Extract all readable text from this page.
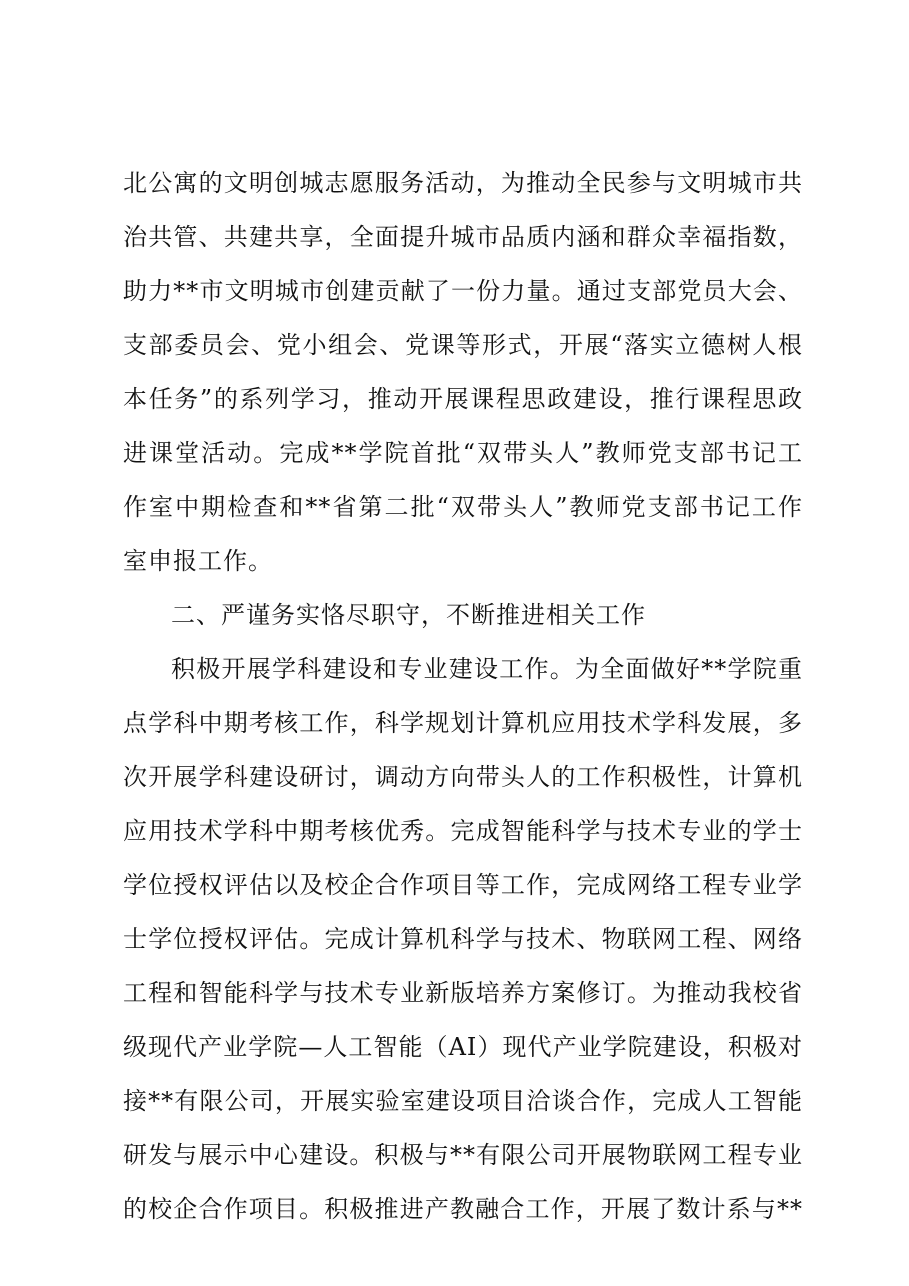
北公寓的文明创城志愿服务活动，为推动全民参与文明城市共
治共管、共建共享，全面提升城市品质内涵和群众幸福指数，
助力**市文明城市创建贡献了一份力量。通过支部党员大会、
支部委员会、党小组会、党课等形式，开展“落实立德树人根
本任务”的系列学习，推动开展课程思政建设，推行课程思政
进课堂活动。完成**学院首批“双带头人”教师党支部书记工
作室中期检查和**省第二批“双带头人”教师党支部书记工作
室申报工作。
二、严谨务实恪尽职守，不断推进相关工作
积极开展学科建设和专业建设工作。为全面做好**学院重
点学科中期考核工作，科学规划计算机应用技术学科发展，多
次开展学科建设研讨，调动方向带头人的工作积极性，计算机
应用技术学科中期考核优秀。完成智能科学与技术专业的学士
学位授权评估以及校企合作项目等工作，完成网络工程专业学
士学位授权评估。完成计算机科学与技术、物联网工程、网络
工程和智能科学与技术专业新版培养方案修订。为推动我校省
级现代产业学院—人工智能（AI）现代产业学院建设，积极对
接**有限公司，开展实验室建设项目洽谈合作，完成人工智能
研发与展示中心建设。积极与**有限公司开展物联网工程专业
的校企合作项目。积极推进产教融合工作，开展了数计系与**
